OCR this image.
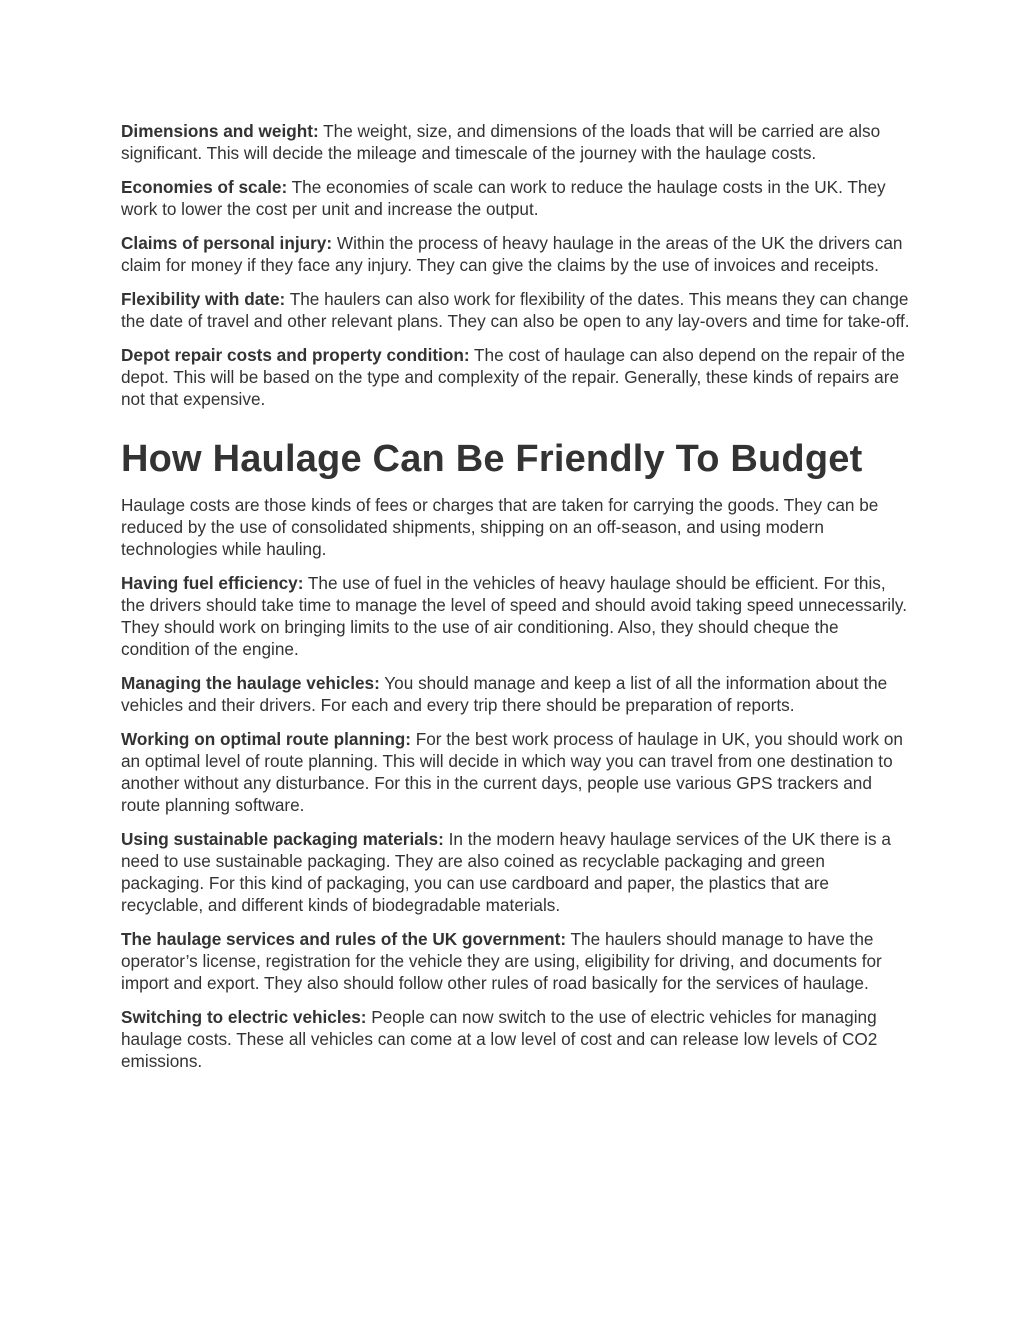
Dimensions and weight: The weight, size, and dimensions of the loads that will be carried are also significant. This will decide the mileage and timescale of the journey with the haulage costs.

Economies of scale: The economies of scale can work to reduce the haulage costs in the UK. They work to lower the cost per unit and increase the output.

Claims of personal injury: Within the process of heavy haulage in the areas of the UK the drivers can claim for money if they face any injury. They can give the claims by the use of invoices and receipts.

Flexibility with date: The haulers can also work for flexibility of the dates. This means they can change the date of travel and other relevant plans. They can also be open to any lay-overs and time for take-off.

Depot repair costs and property condition: The cost of haulage can also depend on the repair of the depot. This will be based on the type and complexity of the repair. Generally, these kinds of repairs are not that expensive.

How Haulage Can Be Friendly To Budget

Haulage costs are those kinds of fees or charges that are taken for carrying the goods. They can be reduced by the use of consolidated shipments, shipping on an off-season, and using modern technologies while hauling.

Having fuel efficiency: The use of fuel in the vehicles of heavy haulage should be efficient. For this, the drivers should take time to manage the level of speed and should avoid taking speed unnecessarily. They should work on bringing limits to the use of air conditioning. Also, they should cheque the condition of the engine.

Managing the haulage vehicles: You should manage and keep a list of all the information about the vehicles and their drivers. For each and every trip there should be preparation of reports.

Working on optimal route planning: For the best work process of haulage in UK, you should work on an optimal level of route planning. This will decide in which way you can travel from one destination to another without any disturbance. For this in the current days, people use various GPS trackers and route planning software.

Using sustainable packaging materials: In the modern heavy haulage services of the UK there is a need to use sustainable packaging. They are also coined as recyclable packaging and green packaging. For this kind of packaging, you can use cardboard and paper, the plastics that are recyclable, and different kinds of biodegradable materials.

The haulage services and rules of the UK government: The haulers should manage to have the operator’s license, registration for the vehicle they are using, eligibility for driving, and documents for import and export. They also should follow other rules of road basically for the services of haulage.

Switching to electric vehicles: People can now switch to the use of electric vehicles for managing haulage costs. These all vehicles can come at a low level of cost and can release low levels of CO2 emissions.
